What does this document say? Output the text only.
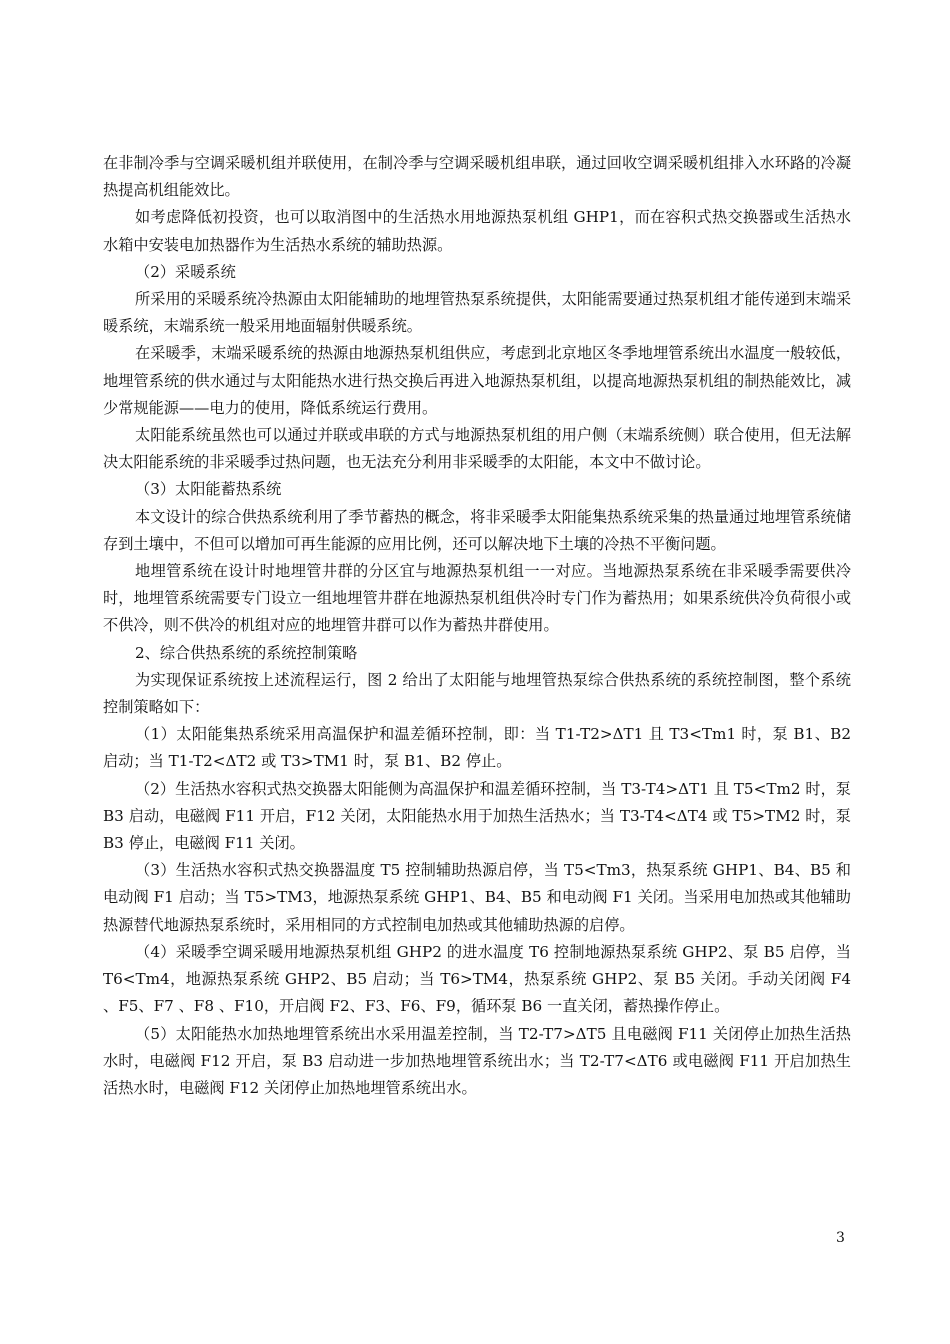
在非制冷季与空调采暖机组并联使用，在制冷季与空调采暖机组串联，通过回收空调采暖机组排入水环路的冷凝热提高机组能效比。

如考虑降低初投资，也可以取消图中的生活热水用地源热泵机组 GHP1，而在容积式热交换器或生活热水水箱中安装电加热器作为生活热水系统的辅助热源。

（2）采暖系统

所采用的采暖系统冷热源由太阳能辅助的地埋管热泵系统提供，太阳能需要通过热泵机组才能传递到末端采暖系统，末端系统一般采用地面辐射供暖系统。

在采暖季，末端采暖系统的热源由地源热泵机组供应，考虑到北京地区冬季地埋管系统出水温度一般较低，地埋管系统的供水通过与太阳能热水进行热交换后再进入地源热泵机组，以提高地源热泵机组的制热能效比，减少常规能源——电力的使用，降低系统运行费用。

太阳能系统虽然也可以通过并联或串联的方式与地源热泵机组的用户侧（末端系统侧）联合使用，但无法解决太阳能系统的非采暖季过热问题，也无法充分利用非采暖季的太阳能，本文中不做讨论。

（3）太阳能蓄热系统

本文设计的综合供热系统利用了季节蓄热的概念，将非采暖季太阳能集热系统采集的热量通过地埋管系统储存到土壤中，不但可以增加可再生能源的应用比例，还可以解决地下土壤的冷热不平衡问题。

地埋管系统在设计时地埋管井群的分区宜与地源热泵机组一一对应。当地源热泵系统在非采暖季需要供冷时，地埋管系统需要专门设立一组地埋管井群在地源热泵机组供冷时专门作为蓄热用；如果系统供冷负荷很小或不供冷，则不供冷的机组对应的地埋管井群可以作为蓄热井群使用。

2、综合供热系统的系统控制策略

为实现保证系统按上述流程运行，图 2 给出了太阳能与地埋管热泵综合供热系统的系统控制图，整个系统控制策略如下：

（1）太阳能集热系统采用高温保护和温差循环控制，即：当 T1-T2>ΔT1 且 T3<Tm1 时，泵 B1、B2 启动；当 T1-T2<ΔT2 或 T3>TM1 时，泵 B1、B2 停止。

（2）生活热水容积式热交换器太阳能侧为高温保护和温差循环控制，当 T3-T4>ΔT1 且 T5<Tm2 时，泵 B3 启动，电磁阀 F11 开启，F12 关闭，太阳能热水用于加热生活热水；当 T3-T4<ΔT4 或 T5>TM2 时，泵 B3 停止，电磁阀 F11 关闭。

（3）生活热水容积式热交换器温度 T5 控制辅助热源启停，当 T5<Tm3，热泵系统 GHP1、B4、B5 和电动阀 F1 启动；当 T5>TM3，地源热泵系统 GHP1、B4、B5 和电动阀 F1 关闭。当采用电加热或其他辅助热源替代地源热泵系统时，采用相同的方式控制电加热或其他辅助热源的启停。

（4）采暖季空调采暖用地源热泵机组 GHP2 的进水温度 T6 控制地源热泵系统 GHP2、泵 B5 启停，当 T6<Tm4，地源热泵系统 GHP2、B5 启动；当 T6>TM4，热泵系统 GHP2、泵 B5 关闭。手动关闭阀 F4 、F5、F7 、F8 、F10，开启阀 F2、F3、F6、F9，循环泵 B6 一直关闭，蓄热操作停止。

（5）太阳能热水加热地埋管系统出水采用温差控制，当 T2-T7>ΔT5 且电磁阀 F11 关闭停止加热生活热水时，电磁阀 F12 开启，泵 B3 启动进一步加热地埋管系统出水；当 T2-T7<ΔT6 或电磁阀 F11 开启加热生活热水时，电磁阀 F12 关闭停止加热地埋管系统出水。

3
